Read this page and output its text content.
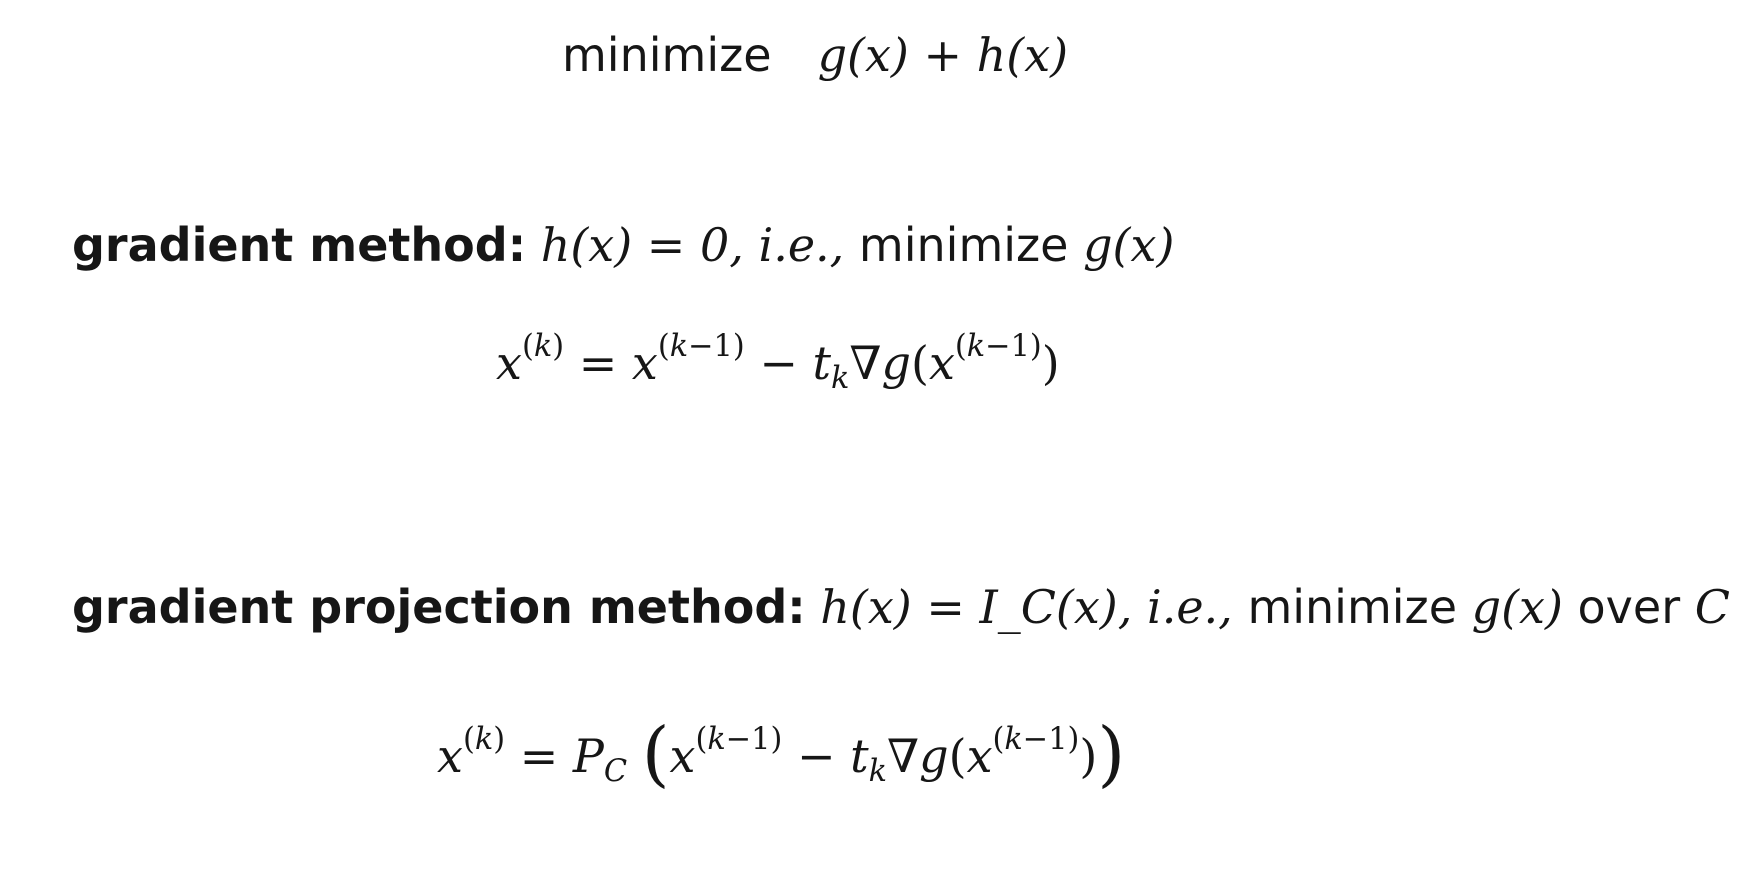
minimize g(x) + h(x)
gradient method: h(x) = 0, i.e., minimize g(x)
$x^{(k)} = x^{(k-1)} - t_k\nabla g(x^{(k-1)})$
gradient projection method: h(x) = I_C(x), i.e., minimize g(x) over C
$x^{(k)} = P_C$ $(x^{(k-1)} - t_k\nabla g(x^{(k-1)}))$
